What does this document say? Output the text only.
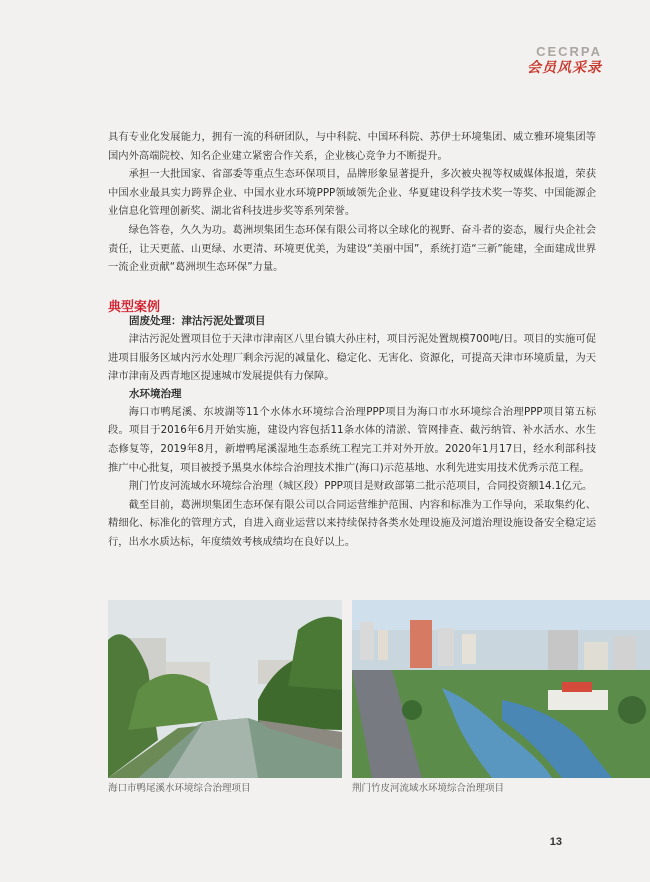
CECRPA
会员风采录

具有专业化发展能力，拥有一流的科研团队，与中科院、中国环科院、苏伊士环境集团、威立雅环境集团等国内外高端院校、知名企业建立紧密合作关系，企业核心竞争力不断提升。

承担一大批国家、省部委等重点生态环保项目，品牌形象显著提升，多次被央视等权威媒体报道，荣获中国水业最具实力跨界企业、中国水业水环境PPP领域领先企业、华夏建设科学技术奖一等奖、中国能源企业信息化管理创新奖、湖北省科技进步奖等系列荣誉。

绿色答卷，久久为功。葛洲坝集团生态环保有限公司将以全球化的视野、奋斗者的姿态，履行央企社会责任，让天更蓝、山更绿、水更清、环境更优美，为建设“美丽中国”，系统打造“三新”能建，全面建成世界一流企业贡献“葛洲坝生态环保”力量。

典型案例
固废处理：津沽污泥处置项目

津沽污泥处置项目位于天津市津南区八里台镇大孙庄村，项目污泥处置规模700吨/日。项目的实施可促进项目服务区域内污水处理厂剩余污泥的减量化、稳定化、无害化、资源化，可提高天津市环境质量，为天津市津南及西青地区提速城市发展提供有力保障。

水环境治理

海口市鸭尾溪、东坡湖等11个水体水环境综合治理PPP项目为海口市水环境综合治理PPP项目第五标段。项目于2016年6月开始实施，建设内容包括11条水体的清淤、管网排查、截污纳管、补水活水、水生态修复等，2019年8月，新增鸭尾溪湿地生态系统工程完工并对外开放。2020年1月17日，经水利部科技推广中心批复，项目被授予黑臭水体综合治理技术推广(海口)示范基地、水利先进实用技术优秀示范工程。

荆门竹皮河流域水环境综合治理（城区段）PPP项目是财政部第二批示范项目，合同投资额14.1亿元。

截至目前，葛洲坝集团生态环保有限公司以合同运营维护范围、内容和标准为工作导向，采取集约化、精细化、标准化的管理方式，自进入商业运营以来持续保持各类水处理设施及河道治理设施设备安全稳定运行，出水水质达标，年度绩效考核成绩均在良好以上。

海口市鸭尾溪水环境综合治理项目	荆门竹皮河流域水环境综合治理项目
13
